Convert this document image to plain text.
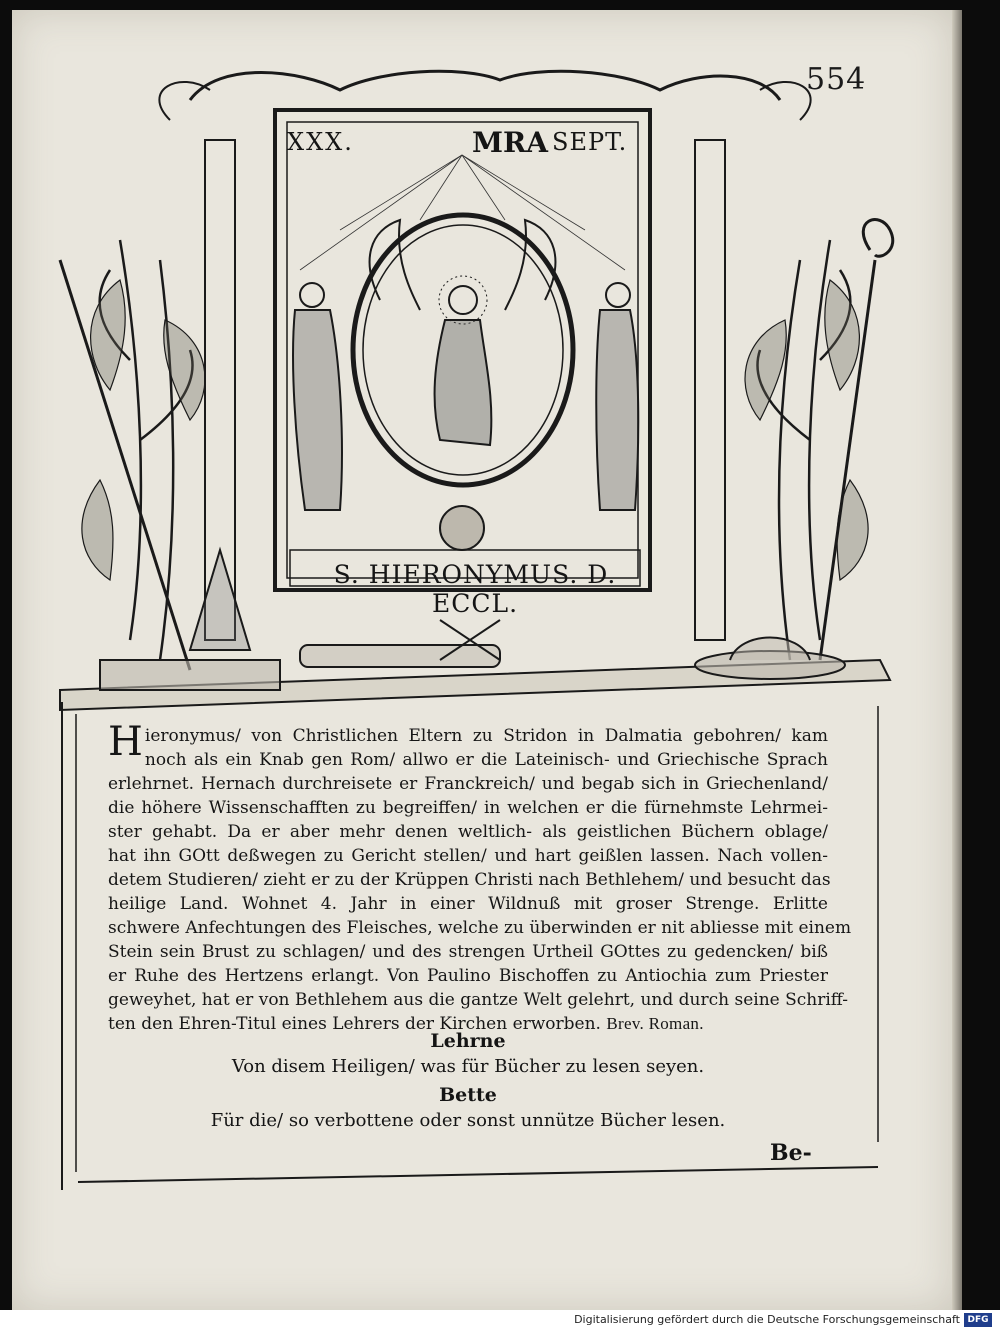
554
XXX.	MRA SEPT.
S. HIERONYMUS. D. ECCL.
H ieronymus/ von Christlichen Eltern zu Stridon in Dalmatia gebohren/ kam
noch als ein Knab gen Rom/ allwo er die Lateinisch- und Griechische Sprach
erlehrnet. Hernach durchreisete er Franckreich/ und begab sich in Griechenland/
die höhere Wissenschafften zu begreiffen/ in welchen er die fürnehmste Lehrmei-
ster gehabt. Da er aber mehr denen weltlich- als geistlichen Büchern oblage/
hat ihn GOtt deßwegen zu Gericht stellen/ und hart geißlen lassen. Nach vollen-
detem Studieren/ zieht er zu der Krüppen Christi nach Bethlehem/ und besucht das
heilige Land. Wohnet 4. Jahr in einer Wildnuß mit groser Strenge. Erlitte
schwere Anfechtungen des Fleisches, welche zu überwinden er nit abliesse mit einem
Stein sein Brust zu schlagen/ und des strengen Urtheil GOttes zu gedencken/ biß
er Ruhe des Hertzens erlangt. Von Paulino Bischoffen zu Antiochia zum Priester
geweyhet, hat er von Bethlehem aus die gantze Welt gelehrt, und durch seine Schriff-
ten den Ehren-Titul eines Lehrers der Kirchen erworben. Brev. Roman.
Lehrne
Von disem Heiligen/ was für Bücher zu lesen seyen.
Bette
Für die/ so verbottene oder sonst unnütze Bücher lesen.
Be-
Digitalisierung gefördert durch die Deutsche Forschungsgemeinschaft DFG
